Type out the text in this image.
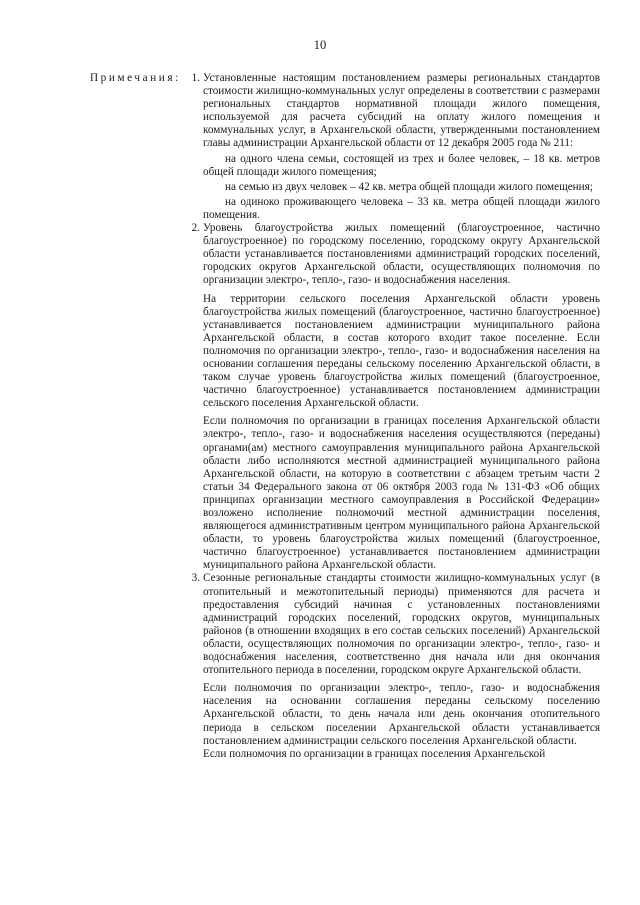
10
Примечания: 1. Установленные настоящим постановлением размеры региональных стандартов стоимости жилищно-коммунальных услуг определены в соответствии с размерами региональных стандартов нормативной площади жилого помещения, используемой для расчета субсидий на оплату жилого помещения и коммунальных услуг, в Архангельской области, утвержденными постановлением главы администрации Архангельской области от 12 декабря 2005 года № 211:

на одного члена семьи, состоящей из трех и более человек, – 18 кв. метров общей площади жилого помещения;

на семью из двух человек – 42 кв. метра общей площади жилого помещения;

на одиноко проживающего человека – 33 кв. метра общей площади жилого помещения.

2. Уровень благоустройства жилых помещений (благоустроенное, частично благоустроенное) по городскому поселению, городскому округу Архангельской области устанавливается постановлениями администраций городских поселений, городских округов Архангельской области, осуществляющих полномочия по организации электро-, тепло-, газо- и водоснабжения населения.

На территории сельского поселения Архангельской области уровень благоустройства жилых помещений (благоустроенное, частично благоустроенное) устанавливается постановлением администрации муниципального района Архангельской области, в состав которого входит такое поселение. Если полномочия по организации электро-, тепло-, газо- и водоснабжения населения на основании соглашения переданы сельскому поселению Архангельской области, в таком случае уровень благоустройства жилых помещений (благоустроенное, частично благоустроенное) устанавливается постановлением администрации сельского поселения Архангельской области.

Если полномочия по организации в границах поселения Архангельской области электро-, тепло-, газо- и водоснабжения населения осуществляются (переданы) органами(ам) местного самоуправления муниципального района Архангельской области либо исполняются местной администрацией муниципального района Архангельской области, на которую в соответствии с абзацем третьим части 2 статьи 34 Федерального закона от 06 октября 2003 года № 131-ФЗ «Об общих принципах организации местного самоуправления в Российской Федерации» возложено исполнение полномочий местной администрации поселения, являющегося административным центром муниципального района Архангельской области, то уровень благоустройства жилых помещений (благоустроенное, частично благоустроенное) устанавливается постановлением администрации муниципального района Архангельской области.

3. Сезонные региональные стандарты стоимости жилищно-коммунальных услуг (в отопительный и межотопительный периоды) применяются для расчета и предоставления субсидий начиная с установленных постановлениями администраций городских поселений, городских округов, муниципальных районов (в отношении входящих в его состав сельских поселений) Архангельской области, осуществляющих полномочия по организации электро-, тепло-, газо- и водоснабжения населения, соответственно дня начала или дня окончания отопительного периода в поселении, городском округе Архангельской области.

Если полномочия по организации электро-, тепло-, газо- и водоснабжения населения на основании соглашения переданы сельскому поселению Архангельской области, то день начала или день окончания отопительного периода в сельском поселении Архангельской области устанавливается постановлением администрации сельского поселения Архангельской области.

Если полномочия по организации в границах поселения Архангельской
